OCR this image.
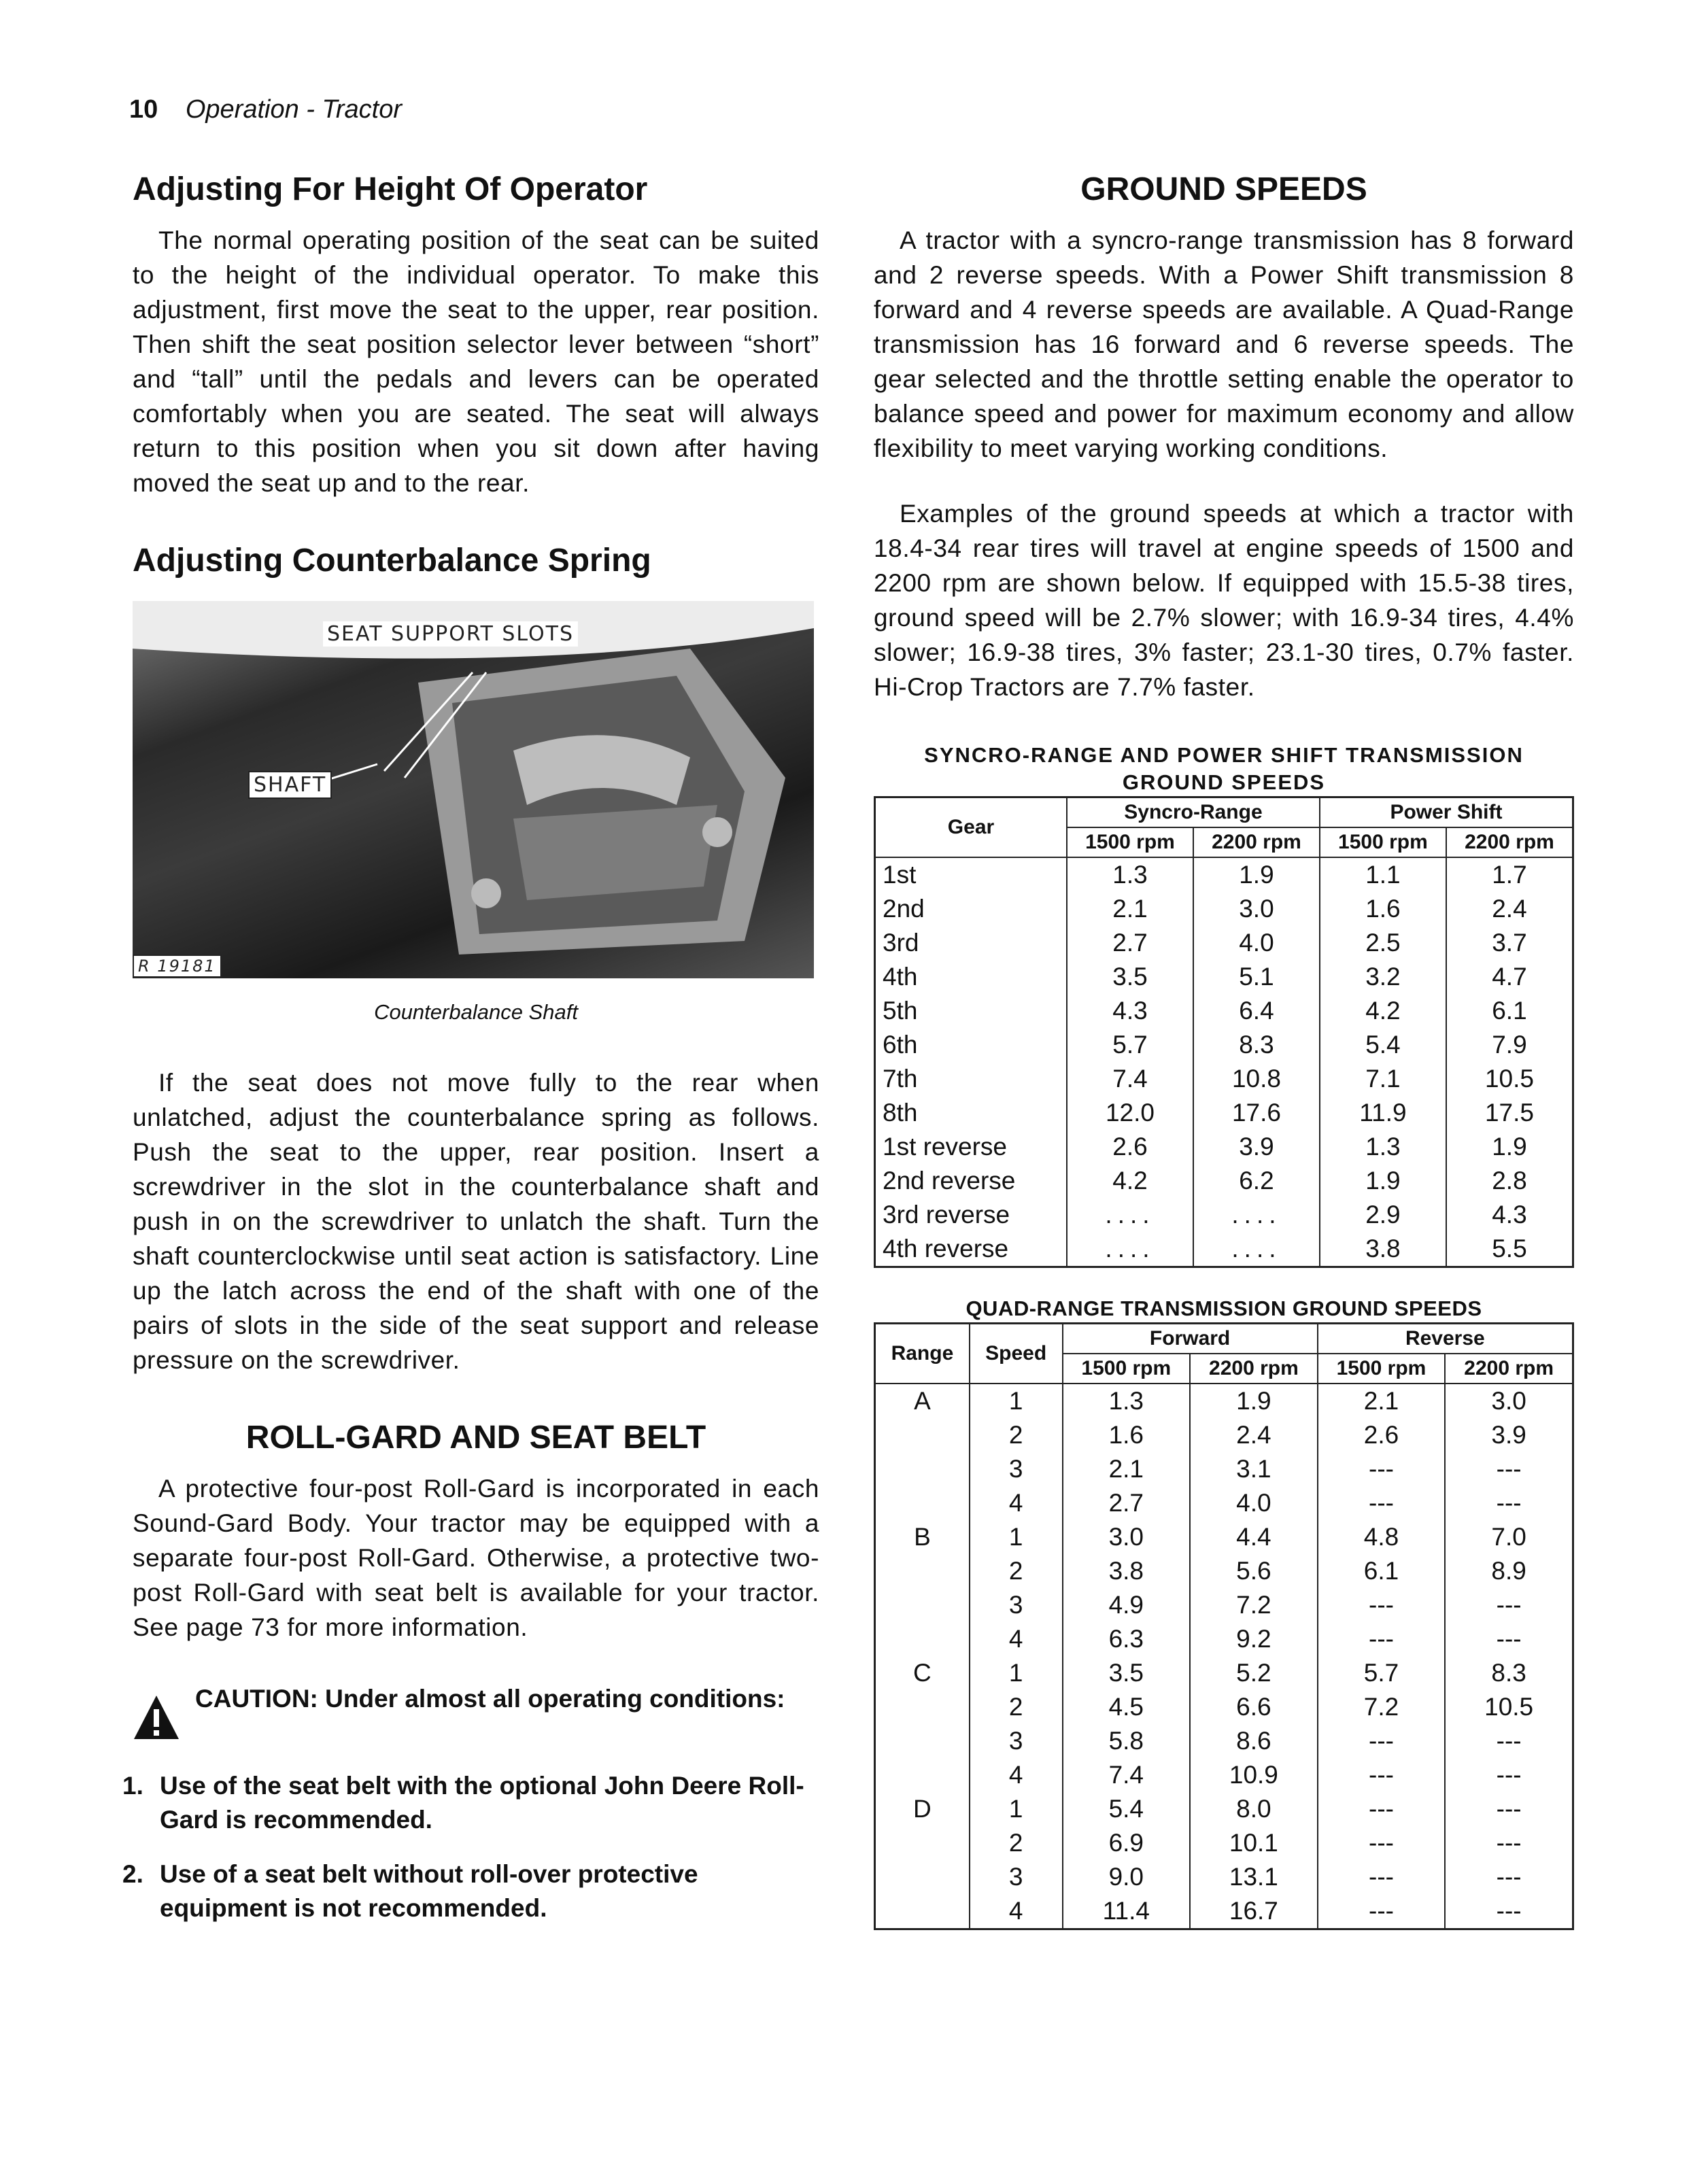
10 Operation - Tractor
Adjusting For Height Of Operator

The normal operating position of the seat can be suited to the height of the individual operator. To make this adjustment, first move the seat to the upper, rear position. Then shift the seat position selector lever between “short” and “tall” until the pedals and levers can be operated comfortably when you are seated. The seat will always return to this position when you sit down after having moved the seat up and to the rear.

Adjusting Counterbalance Spring
SEAT SUPPORT SLOTS
SHAFT
R 19181
Counterbalance Shaft

If the seat does not move fully to the rear when unlatched, adjust the counterbalance spring as follows. Push the seat to the upper, rear position. Insert a screwdriver in the slot in the counterbalance shaft and push in on the screwdriver to unlatch the shaft. Turn the shaft counterclockwise until seat action is satisfactory. Line up the latch across the end of the shaft with one of the pairs of slots in the side of the seat support and release pressure on the screwdriver.

ROLL-GARD AND SEAT BELT

A protective four-post Roll-Gard is incorporated in each Sound-Gard Body. Your tractor may be equipped with a separate four-post Roll-Gard. Otherwise, a protective two-post Roll-Gard with seat belt is available for your tractor. See page 73 for more information.

CAUTION: Under almost all operating conditions:
1. Use of the seat belt with the optional John Deere Roll-Gard is recommended.
2. Use of a seat belt without roll-over protective equipment is not recommended.
GROUND SPEEDS

A tractor with a syncro-range transmission has 8 forward and 2 reverse speeds. With a Power Shift transmission 8 forward and 4 reverse speeds are available. A Quad-Range transmission has 16 forward and 6 reverse speeds. The gear selected and the throttle setting enable the operator to balance speed and power for maximum economy and allow flexibility to meet varying working conditions.

Examples of the ground speeds at which a tractor with 18.4-34 rear tires will travel at engine speeds of 1500 and 2200 rpm are shown below. If equipped with 15.5-38 tires, ground speed will be 2.7% slower; with 16.9-34 tires, 4.4% slower; 16.9-38 tires, 3% faster; 23.1-30 tires, 0.7% faster. Hi-Crop Tractors are 7.7% faster.

SYNCRO-RANGE AND POWER SHIFT TRANSMISSION
GROUND SPEEDS
Gear	Syncro-Range		Power Shift	
	1500 rpm	2200 rpm	1500 rpm	2200 rpm
1st	1.3	1.9	1.1	1.7
2nd	2.1	3.0	1.6	2.4
3rd	2.7	4.0	2.5	3.7
4th	3.5	5.1	3.2	4.7
5th	4.3	6.4	4.2	6.1
6th	5.7	8.3	5.4	7.9
7th	7.4	10.8	7.1	10.5
8th	12.0	17.6	11.9	17.5
1st reverse	2.6	3.9	1.3	1.9
2nd reverse	4.2	6.2	1.9	2.8
3rd reverse	....	....	2.9	4.3
4th reverse	....	....	3.8	5.5
QUAD-RANGE TRANSMISSION GROUND SPEEDS
Range	Speed	Forward		Reverse	
		1500 rpm	2200 rpm	1500 rpm	2200 rpm
A	1	1.3	1.9	2.1	3.0
	2	1.6	2.4	2.6	3.9
	3	2.1	3.1	---	---
	4	2.7	4.0	---	---
B	1	3.0	4.4	4.8	7.0
	2	3.8	5.6	6.1	8.9
	3	4.9	7.2	---	---
	4	6.3	9.2	---	---
C	1	3.5	5.2	5.7	8.3
	2	4.5	6.6	7.2	10.5
	3	5.8	8.6	---	---
	4	7.4	10.9	---	---
D	1	5.4	8.0	---	---
	2	6.9	10.1	---	---
	3	9.0	13.1	---	---
	4	11.4	16.7	---	---
